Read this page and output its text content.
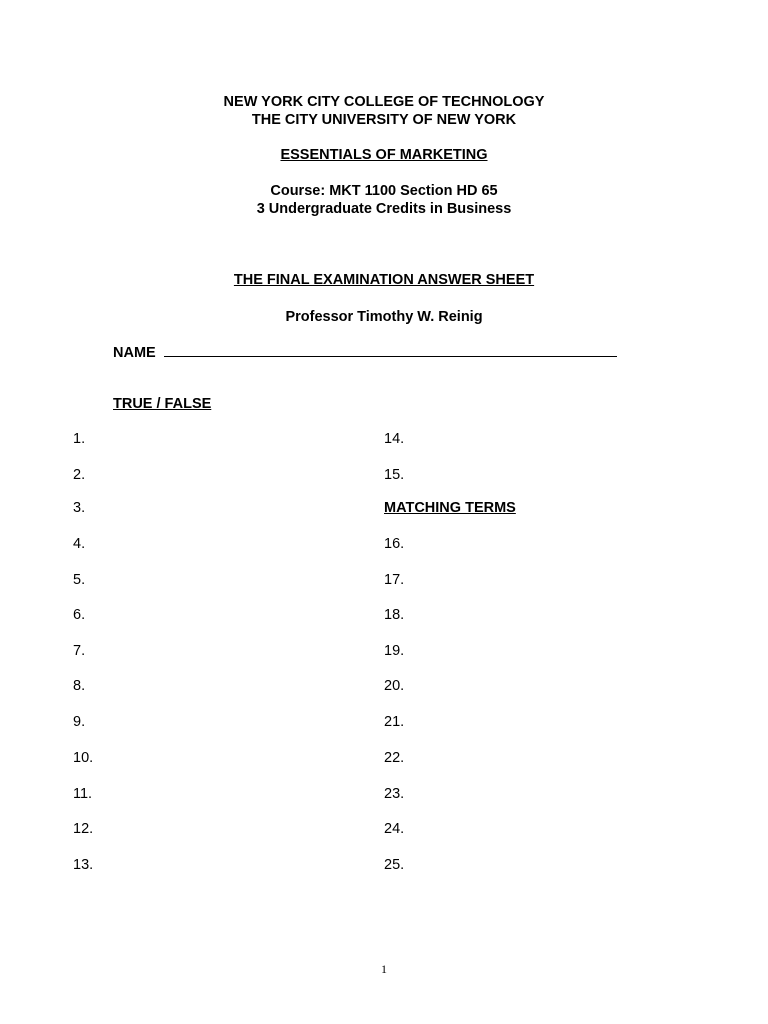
NEW YORK CITY COLLEGE OF TECHNOLOGY
THE CITY UNIVERSITY OF NEW YORK
ESSENTIALS OF MARKETING
Course: MKT 1100 Section HD 65
3 Undergraduate Credits in Business
THE FINAL EXAMINATION ANSWER SHEET
Professor Timothy W. Reinig
NAME
TRUE / FALSE
MATCHING TERMS
1.
2.
3.
4.
5.
6.
7.
8.
9.
10.
11.
12.
13.
14.
15.
16.
17.
18.
19.
20.
21.
22.
23.
24.
25.
1
